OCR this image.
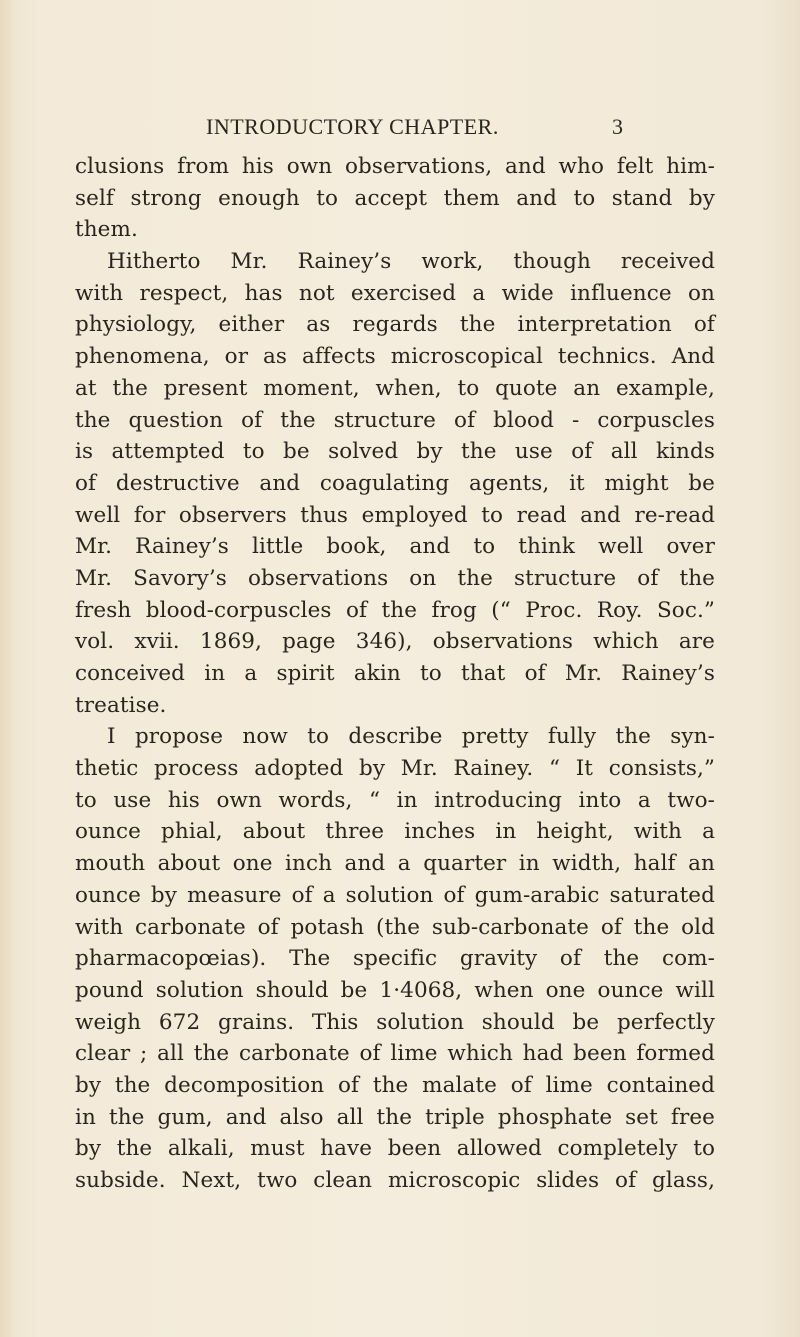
INTRODUCTORY CHAPTER.	3
clusions from his own observations, and who felt him-
self strong enough to accept them and to stand by
them.
Hitherto Mr. Rainey’s work, though received
with respect, has not exercised a wide influence on
physiology, either as regards the interpretation of
phenomena, or as affects microscopical technics. And
at the present moment, when, to quote an example,
the question of the structure of blood - corpuscles
is attempted to be solved by the use of all kinds
of destructive and coagulating agents, it might be
well for observers thus employed to read and re-read
Mr. Rainey’s little book, and to think well over
Mr. Savory’s observations on the structure of the
fresh blood-corpuscles of the frog (“ Proc. Roy. Soc.”
vol. xvii. 1869, page 346), observations which are
conceived in a spirit akin to that of Mr. Rainey’s
treatise.
I propose now to describe pretty fully the syn-
thetic process adopted by Mr. Rainey. “ It consists,”
to use his own words, “ in introducing into a two-
ounce phial, about three inches in height, with a
mouth about one inch and a quarter in width, half an
ounce by measure of a solution of gum-arabic saturated
with carbonate of potash (the sub-carbonate of the old
pharmacopœias). The specific gravity of the com-
pound solution should be 1·4068, when one ounce will
weigh 672 grains. This solution should be perfectly
clear ; all the carbonate of lime which had been formed
by the decomposition of the malate of lime contained
in the gum, and also all the triple phosphate set free
by the alkali, must have been allowed completely to
subside. Next, two clean microscopic slides of glass,
